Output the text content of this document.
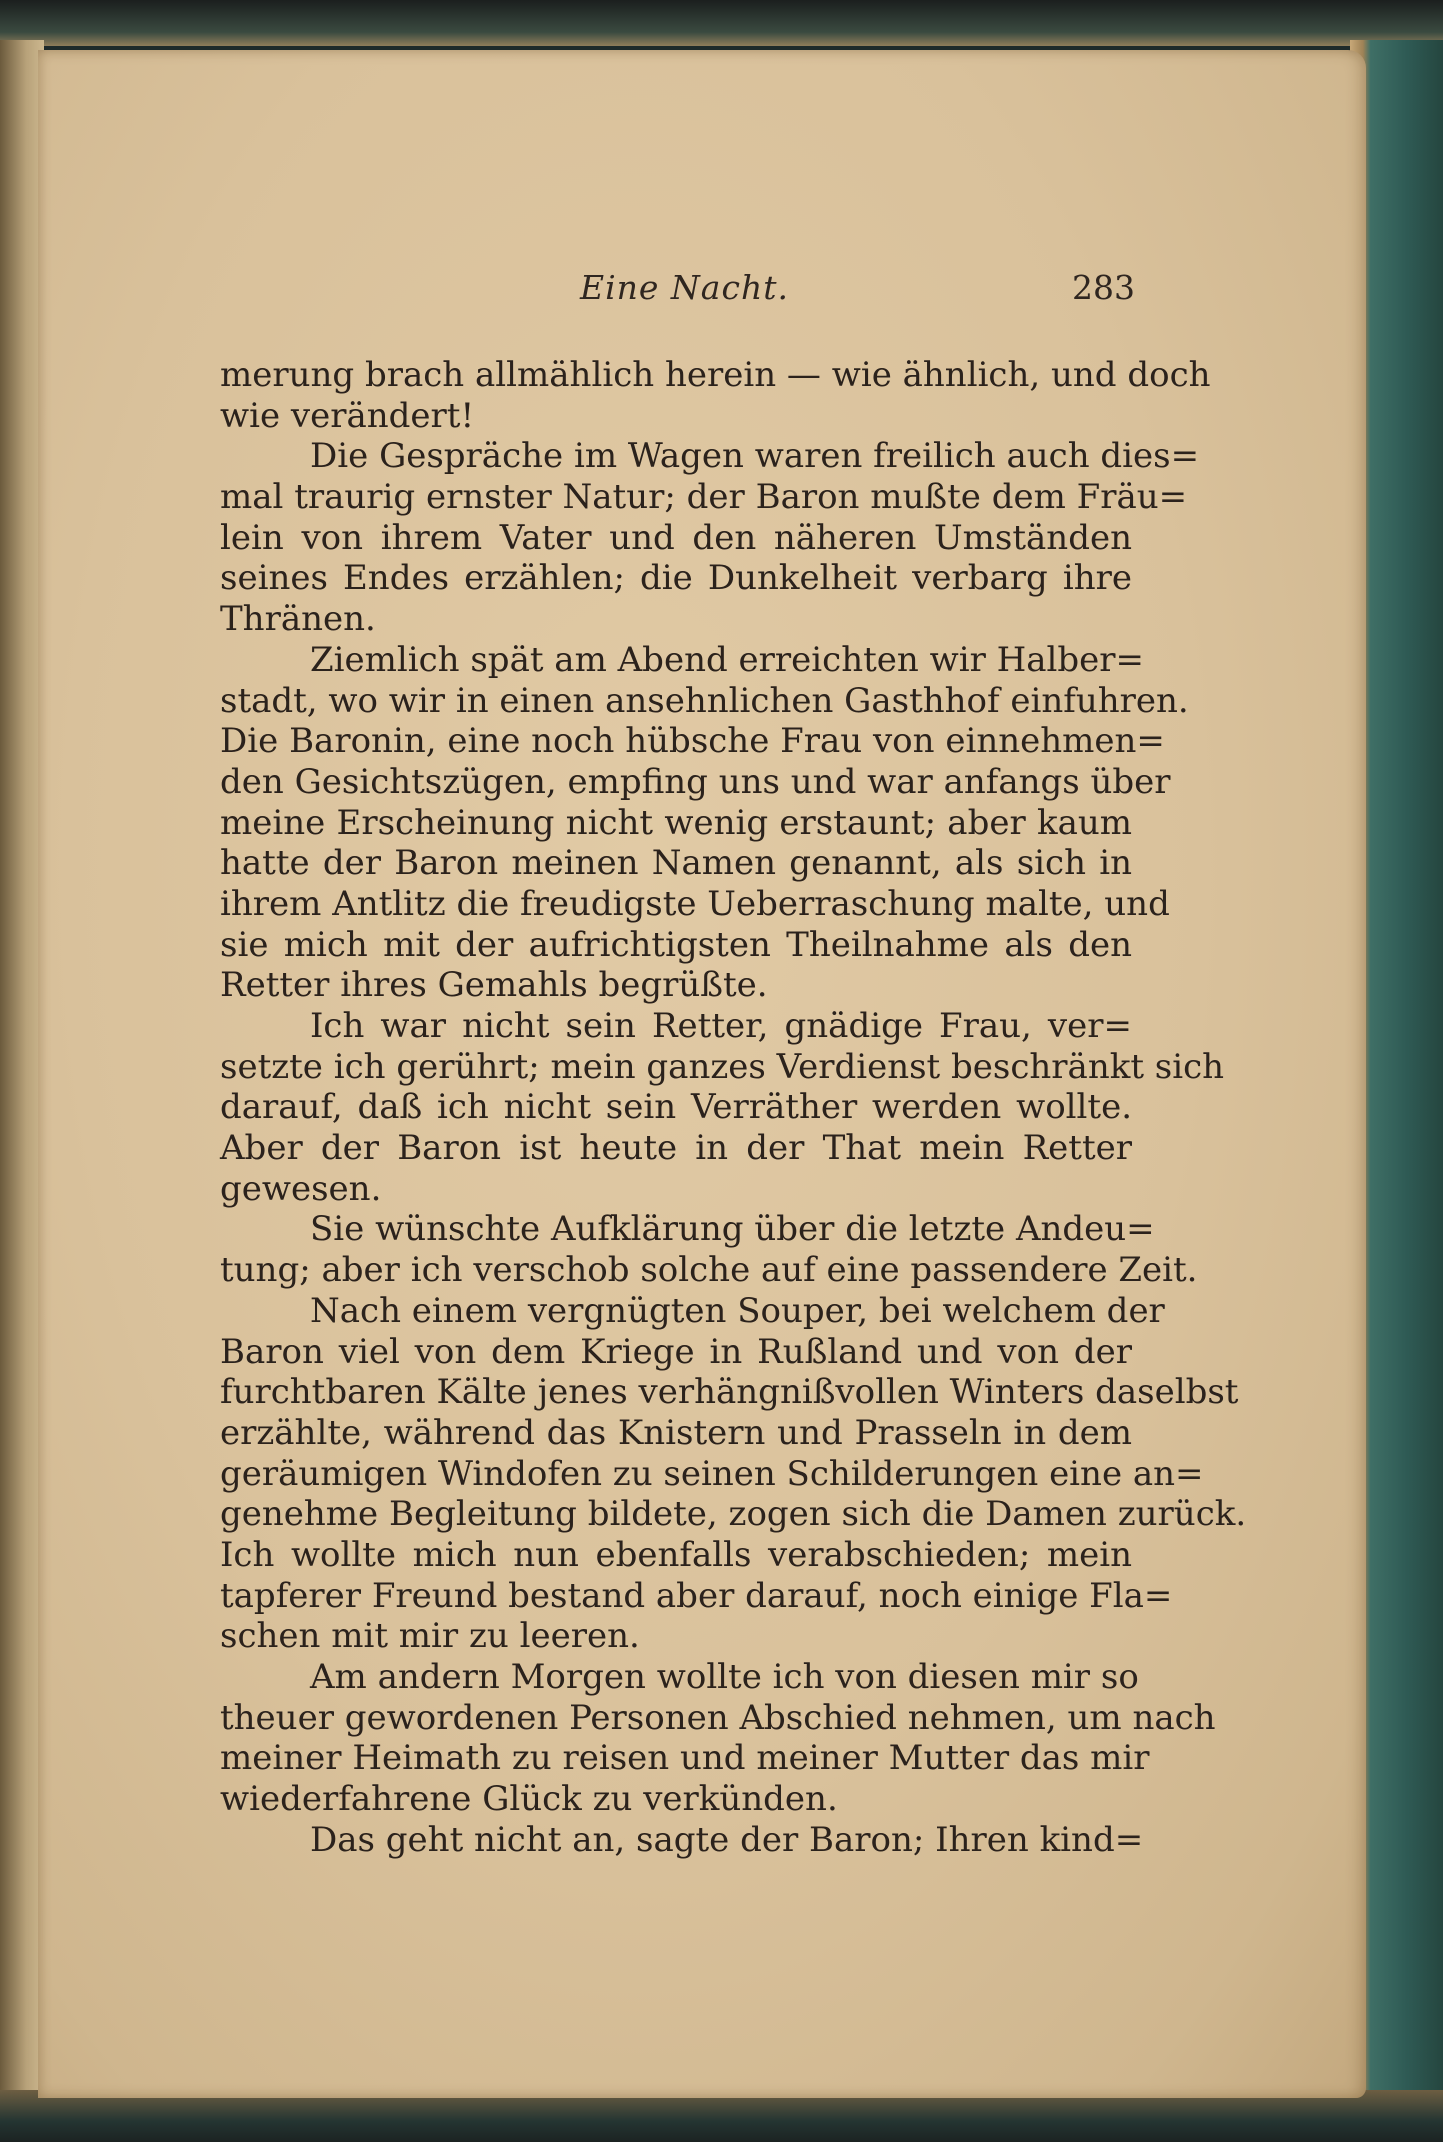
Eine Nacht.	283
merung brach allmählich herein — wie ähnlich, und doch
wie verändert!
Die Gespräche im Wagen waren freilich auch dies=
mal traurig ernster Natur; der Baron mußte dem Fräu=
lein von ihrem Vater und den näheren Umständen
seines Endes erzählen; die Dunkelheit verbarg ihre
Thränen.
Ziemlich spät am Abend erreichten wir Halber=
stadt, wo wir in einen ansehnlichen Gasthhof einfuhren.
Die Baronin, eine noch hübsche Frau von einnehmen=
den Gesichtszügen, empfing uns und war anfangs über
meine Erscheinung nicht wenig erstaunt; aber kaum
hatte der Baron meinen Namen genannt, als sich in
ihrem Antlitz die freudigste Ueberraschung malte, und
sie mich mit der aufrichtigsten Theilnahme als den
Retter ihres Gemahls begrüßte.
Ich war nicht sein Retter, gnädige Frau, ver=
setzte ich gerührt; mein ganzes Verdienst beschränkt sich
darauf, daß ich nicht sein Verräther werden wollte.
Aber der Baron ist heute in der That mein Retter
gewesen.
Sie wünschte Aufklärung über die letzte Andeu=
tung; aber ich verschob solche auf eine passendere Zeit.
Nach einem vergnügten Souper, bei welchem der
Baron viel von dem Kriege in Rußland und von der
furchtbaren Kälte jenes verhängnißvollen Winters daselbst
erzählte, während das Knistern und Prasseln in dem
geräumigen Windofen zu seinen Schilderungen eine an=
genehme Begleitung bildete, zogen sich die Damen zurück.
Ich wollte mich nun ebenfalls verabschieden; mein
tapferer Freund bestand aber darauf, noch einige Fla=
schen mit mir zu leeren.
Am andern Morgen wollte ich von diesen mir so
theuer gewordenen Personen Abschied nehmen, um nach
meiner Heimath zu reisen und meiner Mutter das mir
wiederfahrene Glück zu verkünden.
Das geht nicht an, sagte der Baron; Ihren kind=
